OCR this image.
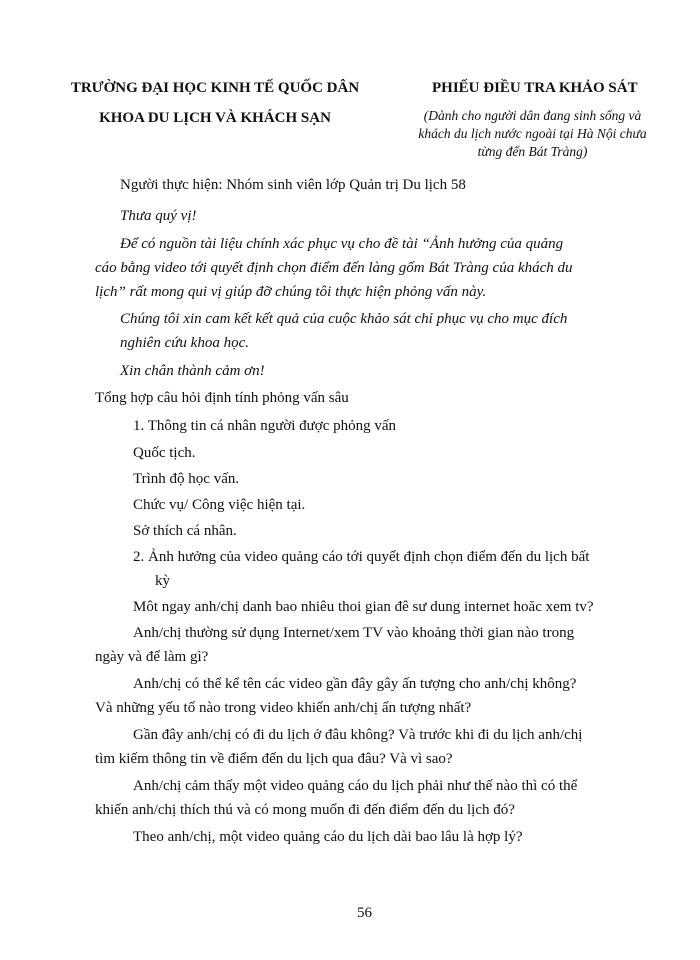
TRƯỜNG ĐẠI HỌC KINH TẾ QUỐC DÂN
KHOA DU LỊCH VÀ KHÁCH SẠN
PHIẾU ĐIỀU TRA KHẢO SÁT
(Dành cho người dân đang sinh sống và
khách du lịch nước ngoài tại Hà Nội chưa
từng đến Bát Tràng)
Người thực hiện: Nhóm sinh viên lớp Quản trị Du lịch 58
Thưa quý vị!
Để có nguồn tài liệu chính xác phục vụ cho đề tài “Ảnh hưởng của quảng
cáo bằng video tới quyết định chọn điểm đến làng gốm Bát Tràng của khách du
lịch” rất mong qui vị giúp đỡ chúng tôi thực hiện phỏng vấn này.
Chúng tôi xin cam kết kết quả của cuộc khảo sát chỉ phục vụ cho mục đích
nghiên cứu khoa học.
Xin chân thành cảm ơn!
Tổng hợp câu hỏi định tính phỏng vấn sâu
1. Thông tin cá nhân người được phỏng vấn
Quốc tịch.
Trình độ học vấn.
Chức vụ/ Công việc hiện tại.
Sở thích cá nhân.
2. Ảnh hưởng của video quảng cáo tới quyết định chọn điểm đến du lịch bất
kỳ
Môt ngay anh/chị danh bao nhiêu thoi gian đê sư dung internet hoăc xem tv?
Anh/chị thường sử dụng Internet/xem TV vào khoảng thời gian nào trong
ngày và để làm gì?
Anh/chị có thể kể tên các video gần đây gây ấn tượng cho anh/chị không?
Và những yếu tố nào trong video khiến anh/chị ấn tượng nhất?
Gần đây anh/chị có đi du lịch ở đâu không? Và trước khi đi du lịch anh/chị
tìm kiếm thông tin về điểm đến du lịch qua đâu? Và vì sao?
Anh/chị cảm thấy một video quảng cáo du lịch phải như thế nào thì có thể
khiến anh/chị thích thú và có mong muốn đi đến điểm đến du lịch đó?
Theo anh/chị, một video quảng cáo du lịch dài bao lâu là hợp lý?
56
